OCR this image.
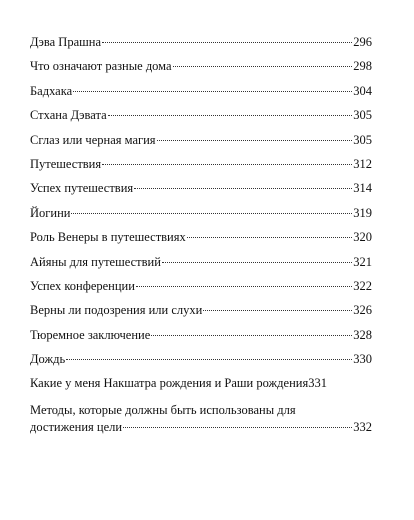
Дэва Прашна	296
Что означают разные дома	298
Бадхака	304
Стхана Дэвата	305
Сглаз или черная магия	305
Путешествия	312
Успех путешествия	314
Йогини	319
Роль Венеры в путешествиях	320
Айяны для путешествий	321
Успех конференции	322
Верны ли подозрения или слухи	326
Тюремное заключение	328
Дождь	330
Какие у меня Накшатра рождения и Раши рождения 331
Методы, которые должны быть использованы для
достижения цели	332
